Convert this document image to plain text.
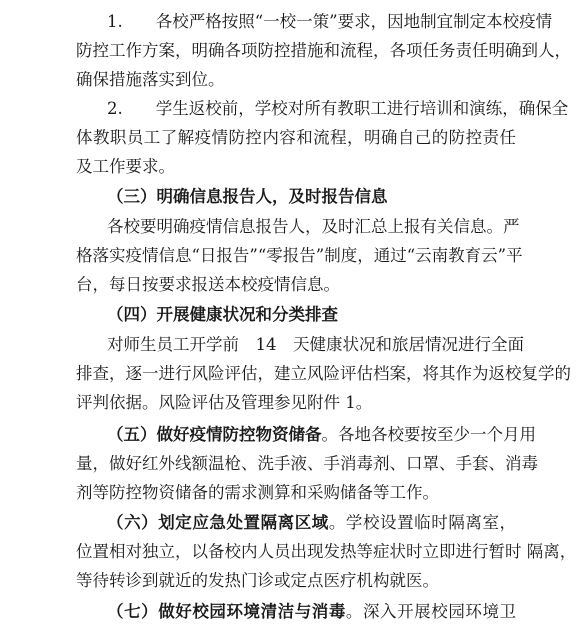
1.　　各校严格按照“一校一策”要求，因地制宜制定本校疫情
防控工作方案，明确各项防控措施和流程，各项任务责任明确到人，
确保措施落实到位。
2.　　学生返校前，学校对所有教职工进行培训和演练，确保全
体教职员工了解疫情防控内容和流程，明确自己的防控责任
及工作要求。
（三）明确信息报告人，及时报告信息
各校要明确疫情信息报告人，及时汇总上报有关信息。严
格落实疫情信息“日报告”“零报告”制度，通过“云南教育云”平
台，每日按要求报送本校疫情信息。
（四）开展健康状况和分类排查
对师生员工开学前　14　天健康状况和旅居情况进行全面
排查，逐一进行风险评估，建立风险评估档案，将其作为返校复学的
评判依据。风险评估及管理参见附件 1。
（五）做好疫情防控物资储备。各地各校要按至少一个月用
量，做好红外线额温枪、洗手液、手消毒剂、口罩、手套、消毒
剂等防控物资储备的需求测算和采购储备等工作。
（六）划定应急处置隔离区域。学校设置临时隔离室，
位置相对独立，以备校内人员出现发热等症状时立即进行暂时 隔离，
等待转诊到就近的发热门诊或定点医疗机构就医。
（七）做好校园环境清洁与消毒。深入开展校园环境卫
